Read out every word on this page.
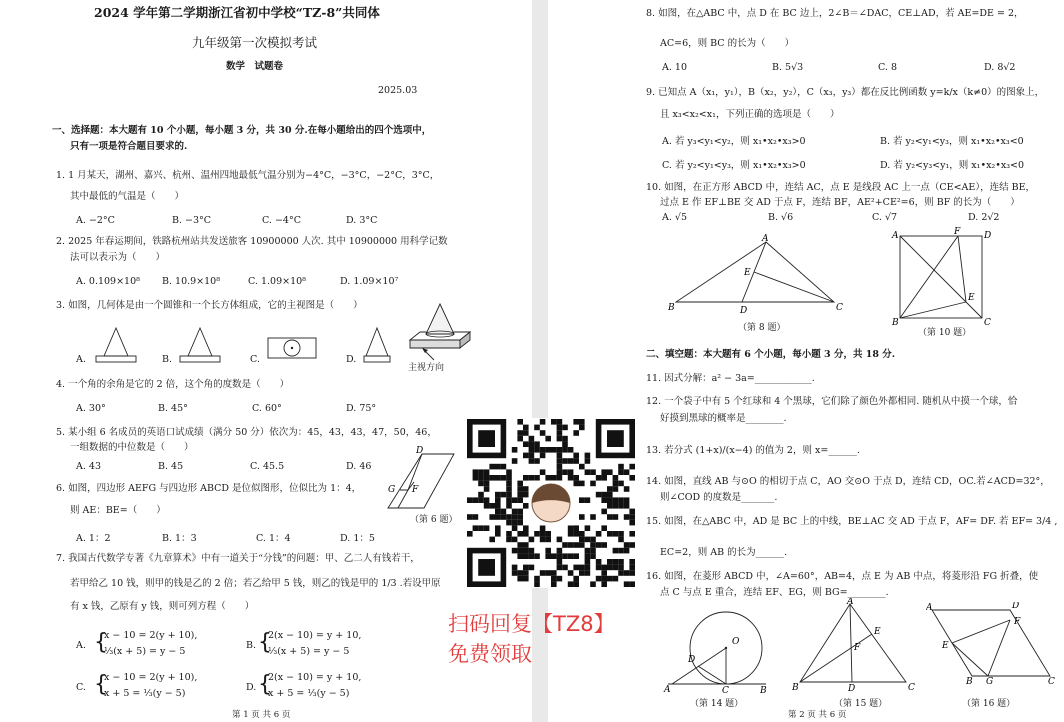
2024 学年第二学期浙江省初中学校“TZ-8”共同体
九年级第一次模拟考试
数学　试题卷
2025.03
一、选择题：本大题有 10 个小题，每小题 3 分，共 30 分.在每小题给出的四个选项中，
只有一项是符合题目要求的.
1. 1 月某天，湖州、嘉兴、杭州、温州四地最低气温分别为−4°C，−3°C，−2°C，3°C，
其中最低的气温是（　　）
A. −2°C	B. −3°C	C. −4°C	D. 3°C
2. 2025 年春运期间，铁路杭州站共发送旅客 10900000 人次. 其中 10900000 用科学记数
法可以表示为（　　）
A. 0.109×10⁸ B. 10.9×10⁸	C. 1.09×10⁸	D. 1.09×10⁷
3. 如图，几何体是由一个圆锥和一个长方体组成，它的主视图是（　　）
A.	B.	C.	D.
主视方向
4. 一个角的余角是它的 2 倍，这个角的度数是（　　）
A. 30°	B. 45°	C. 60°	D. 75°
5. 某小组 6 名成员的英语口试成绩（满分 50 分）依次为：45，43，43，47，50，46，
一组数据的中位数是（　　）
A. 43	B. 45	C. 45.5	D. 46
6. 如图，四边形 AEFG 与四边形 ABCD 是位似图形，位似比为 1：4，
则 AE：BE=（　　）
A. 1：2	B. 1：3	C. 1：4	D. 1：5
D
G F
（第 6 题）
7. 我国古代数学专著《九章算术》中有一道关于“分钱”的问题：甲、乙二人有钱若干，
若甲给乙 10 钱，则甲的钱是乙的 2 倍；若乙给甲 5 钱，则乙的钱是甲的 1/3 .若设甲原
有 x 钱，乙原有 y 钱，则可列方程（　　）
A. {
x − 10 = 2(y + 10),
⅓(x + 5) = y − 5
B. {
2(x − 10) = y + 10,
⅓(x + 5) = y − 5
C. {
x − 10 = 2(y + 10),
x + 5 = ⅓(y − 5)
D. {
2(x − 10) = y + 10,
x + 5 = ⅓(y − 5)
第 1 页 共 6 页
8. 如图，在△ABC 中，点 D 在 BC 边上，2∠B＝∠DAC，CE⊥AD，若 AE=DE = 2，
AC=6，则 BC 的长为（　　）
A. 10	B. 5√3	C. 8	D. 8√2
9. 已知点 A（x₁，y₁），B（x₂，y₂），C（x₃，y₃）都在反比例函数 y=k/x（k≠0）的图象上，
且 x₃<x₂<x₁，下列正确的选项是（　　）
A. 若 y₃<y₁<y₂，则 x₁•x₂•x₃>0	B. 若 y₂<y₁<y₃，则 x₁•x₂•x₃<0
C. 若 y₂<y₁<y₃，则 x₁•x₂•x₃>0	D. 若 y₂<y₃<y₁，则 x₁•x₂•x₃<0
10. 如图，在正方形 ABCD 中，连结 AC，点 E 是线段 AC 上一点（CE<AE），连结 BE，
过点 E 作 EF⊥BE 交 AD 于点 F，连结 BF，AE²+CE²=6，则 BF 的长为（　　）
A. √5	B. √6	C. √7	D. 2√2
A
B	D
E
C
（第 8 题）
A	F	D
E
B	C
（第 10 题）
二、填空题：本大题有 6 个小题，每小题 3 分，共 18 分.
11. 因式分解：a² − 3a=____________.
12. 一个袋子中有 5 个红球和 4 个黑球，它们除了颜色外都相同. 随机从中摸一个球，恰
好摸到黑球的概率是________.
13. 若分式 (1+x)/(x−4) 的值为 2，则 x=______.
14. 如图，直线 AB 与⊙O 的相切于点 C，AO 交⊙O 于点 D，连结 CD，OC.若∠ACD=32°，
则∠COD 的度数是_______.
15. 如图，在△ABC 中，AD 是 BC 上的中线，BE⊥AC 交 AD 于点 F，AF= DF. 若 EF= 3/4 ,
EC=2，则 AB 的长为______.
16. 如图，在菱形 ABCD 中，∠A=60°，AB=4，点 E 为 AB 中点，将菱形沿 FG 折叠，使
点 C 与点 E 重合，连结 EF、EG，则 BG=________.
O
D
A	C	B
（第 14 题）
A
E
F
B	D	C
（第 15 题）
A	D
F
E
B G	C
（第 16 题）
第 2 页 共 6 页
扫码回复【TZ8】
免费领取
